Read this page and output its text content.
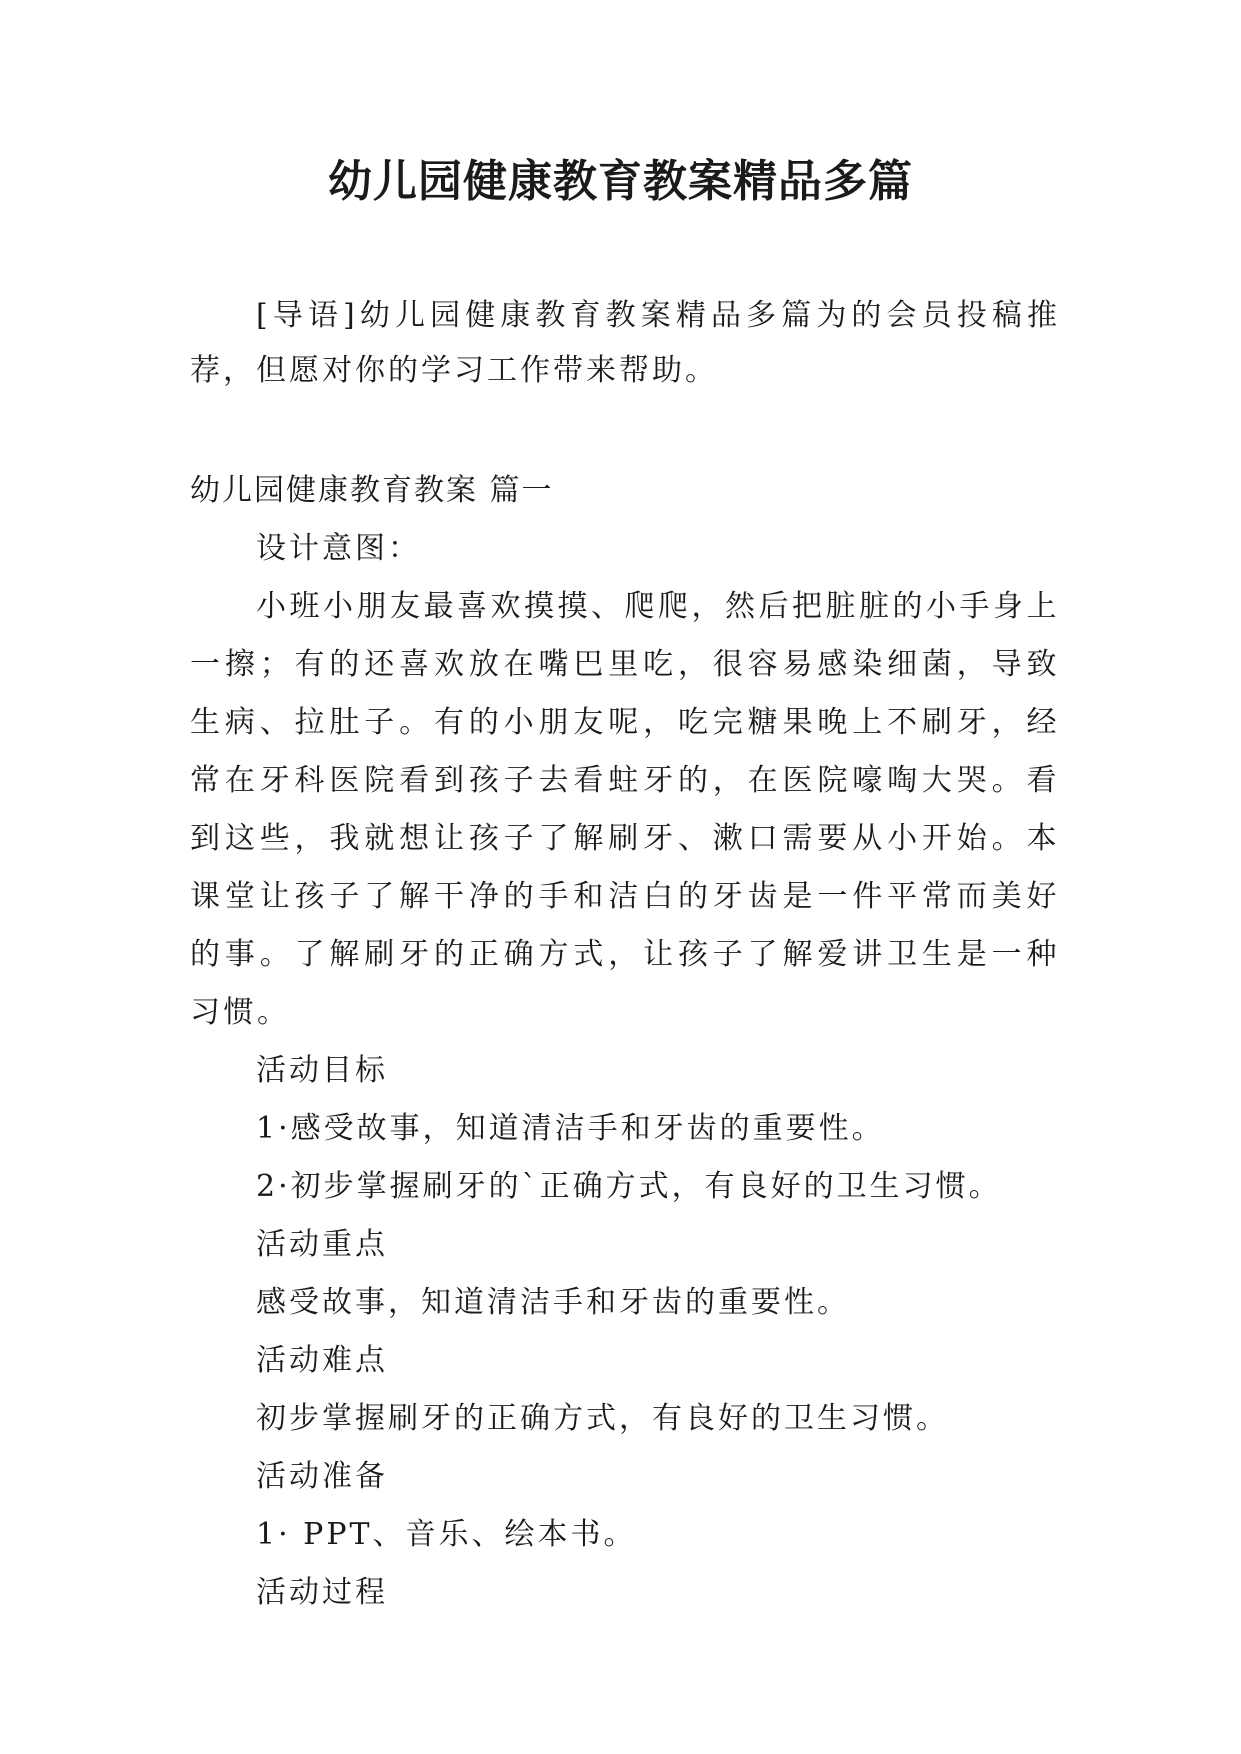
幼儿园健康教育教案精品多篇

[导语]幼儿园健康教育教案精品多篇为的会员投稿推荐，但愿对你的学习工作带来帮助。

幼儿园健康教育教案 篇一

设计意图：

小班小朋友最喜欢摸摸、爬爬，然后把脏脏的小手身上一擦；有的还喜欢放在嘴巴里吃，很容易感染细菌，导致生病、拉肚子。有的小朋友呢，吃完糖果晚上不刷牙，经常在牙科医院看到孩子去看蛀牙的，在医院嚎啕大哭。看到这些，我就想让孩子了解刷牙、漱口需要从小开始。本课堂让孩子了解干净的手和洁白的牙齿是一件平常而美好的事。了解刷牙的正确方式，让孩子了解爱讲卫生是一种习惯。

活动目标

1·感受故事，知道清洁手和牙齿的重要性。

2·初步掌握刷牙的`正确方式，有良好的卫生习惯。

活动重点

感受故事，知道清洁手和牙齿的重要性。

活动难点

初步掌握刷牙的正确方式，有良好的卫生习惯。

活动准备

1· PPT、音乐、绘本书。

活动过程
